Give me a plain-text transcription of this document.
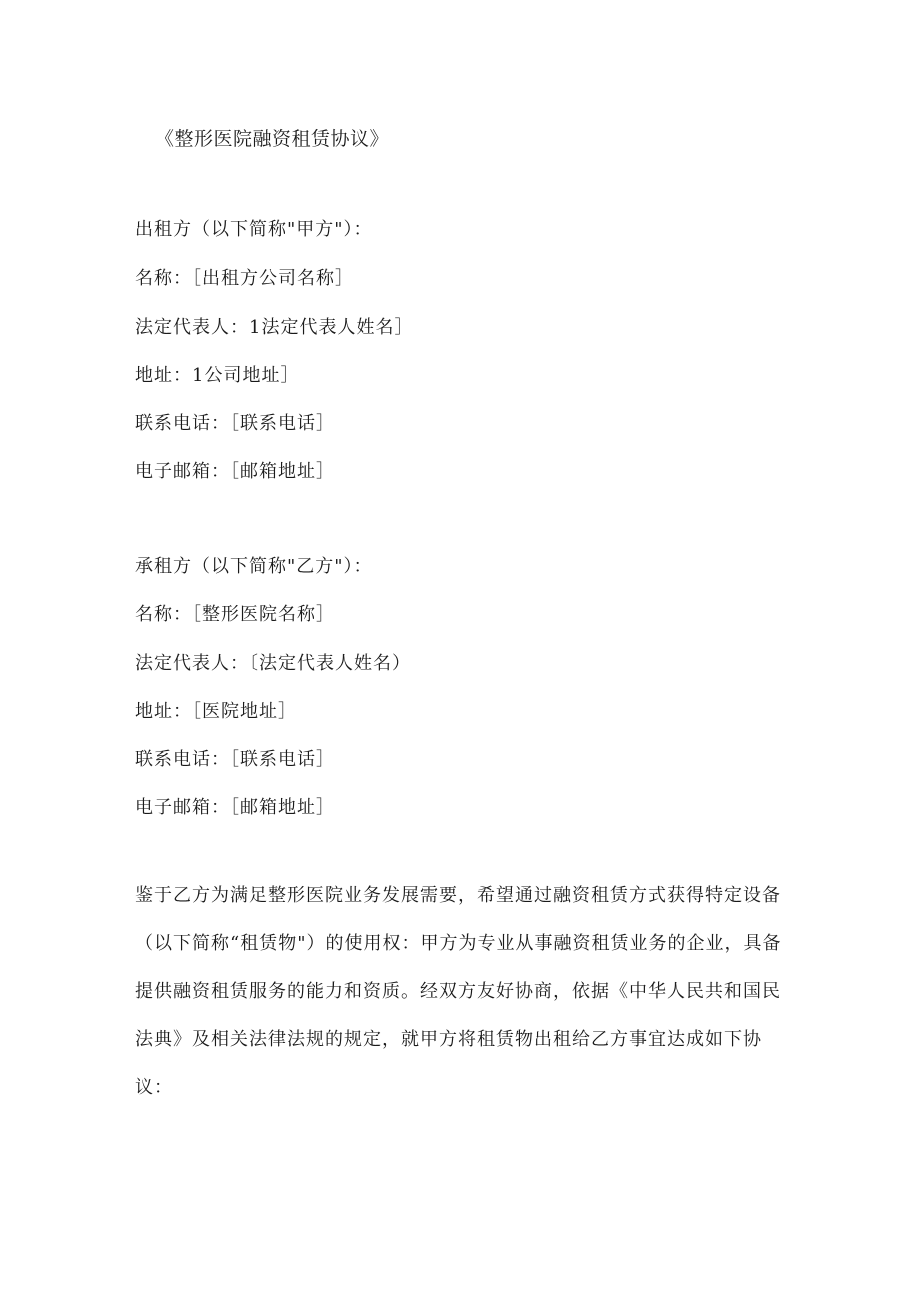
《整形医院融资租赁协议》
出租方（以下简称"甲方"）：
名称：［出租方公司名称］
法定代表人：1法定代表人姓名］
地址：1公司地址］
联系电话：［联系电话］
电子邮箱：［邮箱地址］
承租方（以下简称"乙方"）：
名称：［整形医院名称］
法定代表人：〔法定代表人姓名）
地址：［医院地址］
联系电话：［联系电话］
电子邮箱：［邮箱地址］
鉴于乙方为满足整形医院业务发展需要，希望通过融资租赁方式获得特定设备
（以下简称“租赁物"）的使用权：甲方为专业从事融资租赁业务的企业，具备
提供融资租赁服务的能力和资质。经双方友好协商，依据《中华人民共和国民
法典》及相关法律法规的规定，就甲方将租赁物出租给乙方事宜达成如下协
议：
